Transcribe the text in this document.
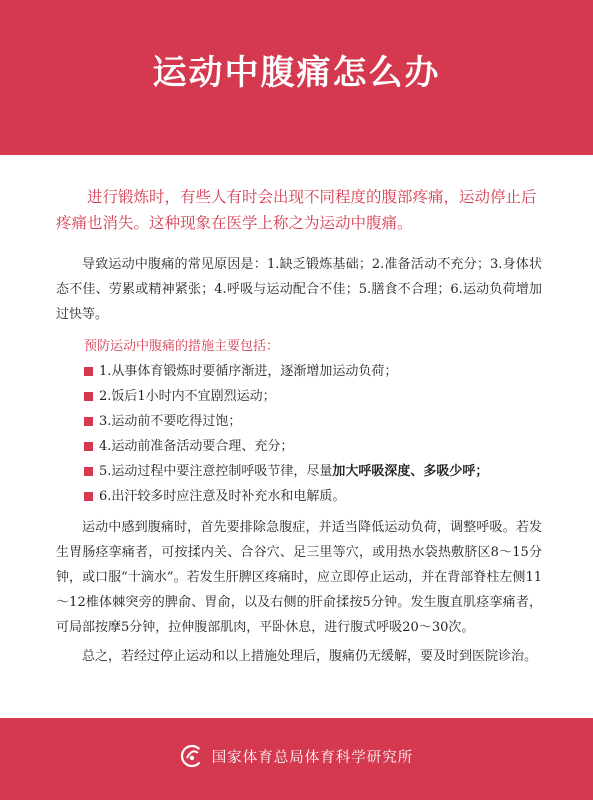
运动中腹痛怎么办

进行锻炼时，有些人有时会出现不同程度的腹部疼痛，运动停止后疼痛也消失。这种现象在医学上称之为运动中腹痛。

导致运动中腹痛的常见原因是：1.缺乏锻炼基础；2.准备活动不充分；3.身体状态不佳、劳累或精神紧张；4.呼吸与运动配合不佳；5.膳食不合理；6.运动负荷增加过快等。

预防运动中腹痛的措施主要包括：

1.从事体育锻炼时要循序渐进，逐渐增加运动负荷；
2.饭后1小时内不宜剧烈运动；
3.运动前不要吃得过饱；
4.运动前准备活动要合理、充分；
5.运动过程中要注意控制呼吸节律，尽量加大呼吸深度、多吸少呼；
6.出汗较多时应注意及时补充水和电解质。

运动中感到腹痛时，首先要排除急腹症，并适当降低运动负荷，调整呼吸。若发生胃肠痉挛痛者，可按揉内关、合谷穴、足三里等穴，或用热水袋热敷脐区8～15分钟，或口服“十滴水”。若发生肝脾区疼痛时，应立即停止运动，并在背部脊柱左侧11～12椎体棘突旁的脾俞、胃俞，以及右侧的肝俞揉按5分钟。发生腹直肌痉挛痛者，可局部按摩5分钟，拉伸腹部肌肉，平卧休息，进行腹式呼吸20～30次。

总之，若经过停止运动和以上措施处理后，腹痛仍无缓解，要及时到医院诊治。

国家体育总局体育科学研究所
